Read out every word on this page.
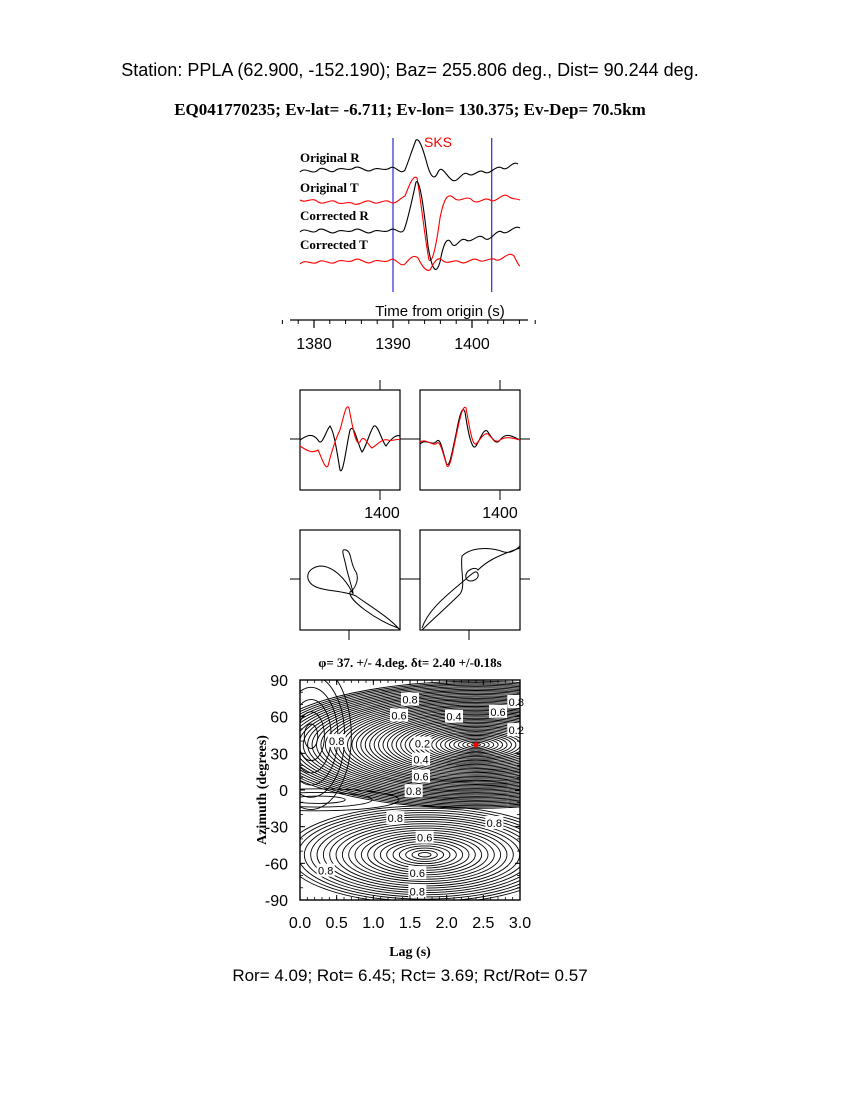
Station: PPLA (62.900, -152.190); Baz= 255.806 deg., Dist= 90.244 deg.
EQ041770235; Ev-lat= -6.711; Ev-lon= 130.375; Ev-Dep= 70.5km
SKS
Original R
Original T
Corrected R
Corrected T
Time from origin (s)
1380	1390	1400
1400	1400
φ= 37. +/- 4.deg. δt= 2.40 +/-0.18s
0.8	0.8
0.6	0.4	0.6
0.8	0.2
0.2
0.4
0.6
0.8
0.8	0.8
0.6
0.8	0.6
0.8
0.0 0.5 1.0 1.5 2.0 2.5 3.0
90
60
30
0
-30
-60
-90
Lag (s)
Azimuth (degrees)
Ror= 4.09; Rot= 6.45; Rct= 3.69; Rct/Rot= 0.57
